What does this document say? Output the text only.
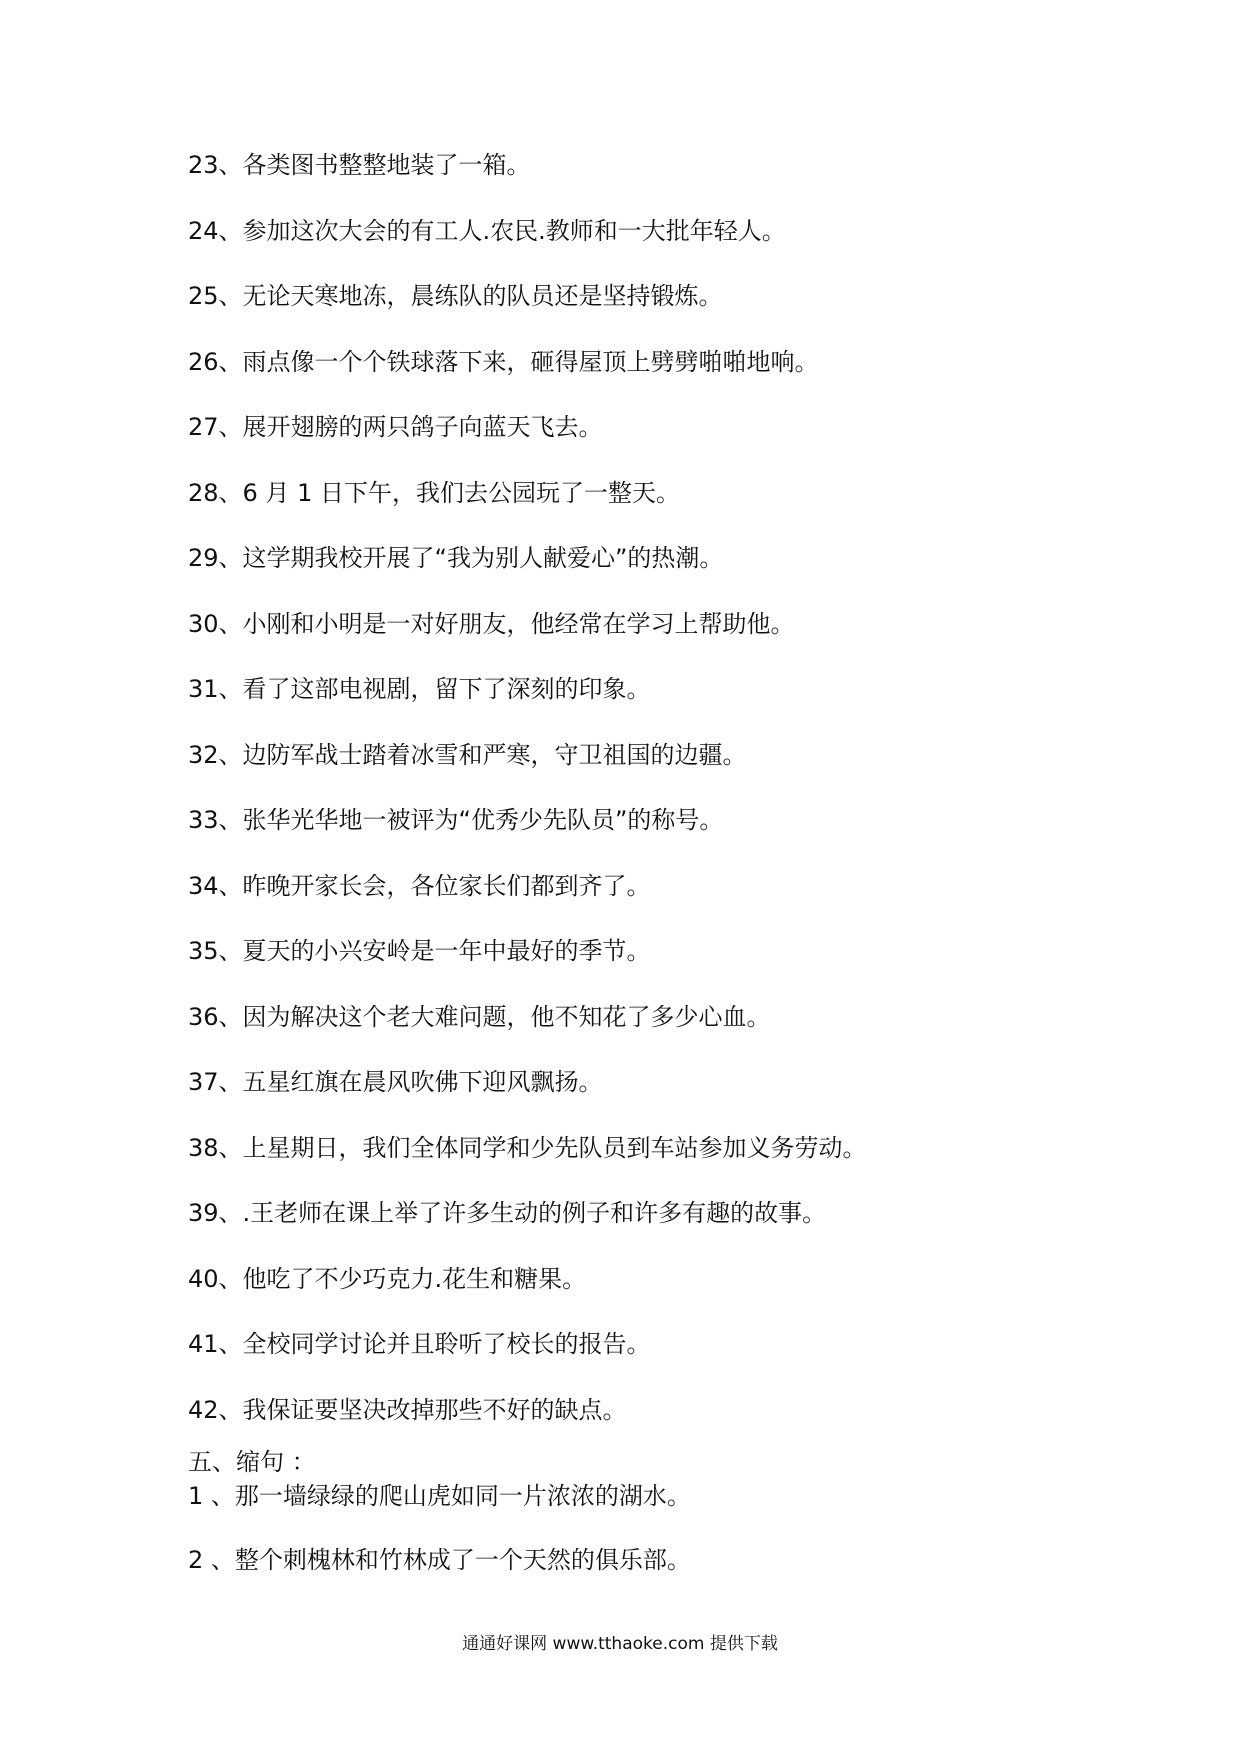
23、各类图书整整地装了一箱。
24、参加这次大会的有工人.农民.教师和一大批年轻人。
25、无论天寒地冻，晨练队的队员还是坚持锻炼。
26、雨点像一个个铁球落下来，砸得屋顶上劈劈啪啪地响。
27、展开翅膀的两只鸽子向蓝天飞去。
28、6 月 1 日下午，我们去公园玩了一整天。
29、这学期我校开展了“我为别人献爱心”的热潮。
30、小刚和小明是一对好朋友，他经常在学习上帮助他。
31、看了这部电视剧，留下了深刻的印象。
32、边防军战士踏着冰雪和严寒，守卫祖国的边疆。
33、张华光华地一被评为“优秀少先队员”的称号。
34、昨晚开家长会，各位家长们都到齐了。
35、夏天的小兴安岭是一年中最好的季节。
36、因为解决这个老大难问题，他不知花了多少心血。
37、五星红旗在晨风吹佛下迎风飘扬。
38、上星期日，我们全体同学和少先队员到车站参加义务劳动。
39、.王老师在课上举了许多生动的例子和许多有趣的故事。
40、他吃了不少巧克力.花生和糖果。
41、全校同学讨论并且聆听了校长的报告。
42、我保证要坚决改掉那些不好的缺点。
五、缩句 ：
1 、那一墙绿绿的爬山虎如同一片浓浓的湖水。
2 、整个刺槐林和竹林成了一个天然的俱乐部。
通通好课网 www.tthaoke.com 提供下载
